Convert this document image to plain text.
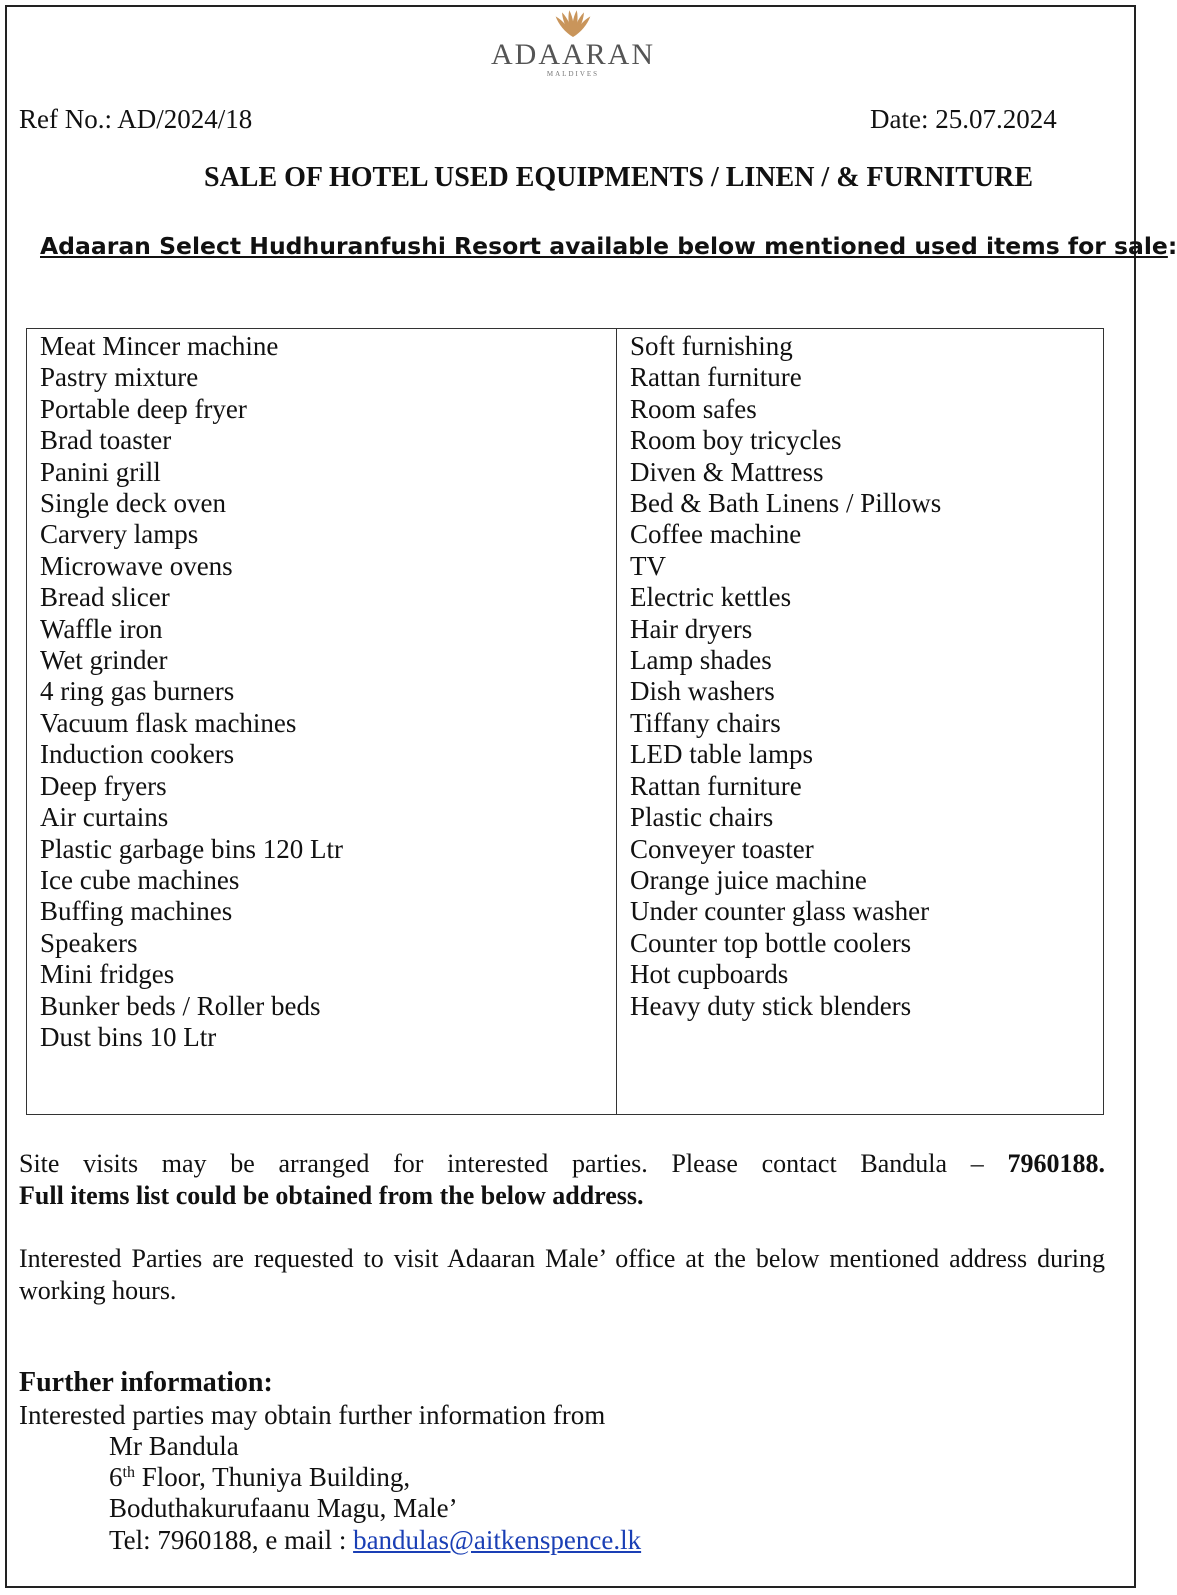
ADAARAN
MALDIVES
Ref No.: AD/2024/18	Date: 25.07.2024
SALE OF HOTEL USED EQUIPMENTS / LINEN / & FURNITURE
Adaaran Select Hudhuranfushi Resort available below mentioned used items for sale:
Meat Mincer machine
Pastry mixture
Portable deep fryer
Brad toaster
Panini grill
Single deck oven
Carvery lamps
Microwave ovens
Bread slicer
Waffle iron
Wet grinder
4 ring gas burners
Vacuum flask machines
Induction cookers
Deep fryers
Air curtains
Plastic garbage bins 120 Ltr
Ice cube machines
Buffing machines
Speakers
Mini fridges
Bunker beds / Roller beds
Dust bins 10 Ltr
Soft furnishing
Rattan furniture
Room safes
Room boy tricycles
Diven & Mattress
Bed & Bath Linens / Pillows
Coffee machine
TV
Electric kettles
Hair dryers
Lamp shades
Dish washers
Tiffany chairs
LED table lamps
Rattan furniture
Plastic chairs
Conveyer toaster
Orange juice machine
Under counter glass washer
Counter top bottle coolers
Hot cupboards
Heavy duty stick blenders
Site visits may be arranged for interested parties. Please contact Bandula – 7960188.
Full items list could be obtained from the below address.
Interested Parties are requested to visit Adaaran Male’ office at the below mentioned address during working hours.
Further information:
Interested parties may obtain further information from
Mr Bandula
6th Floor, Thuniya Building,
Boduthakurufaanu Magu, Male’
Tel: 7960188, e mail : bandulas@aitkenspence.lk
